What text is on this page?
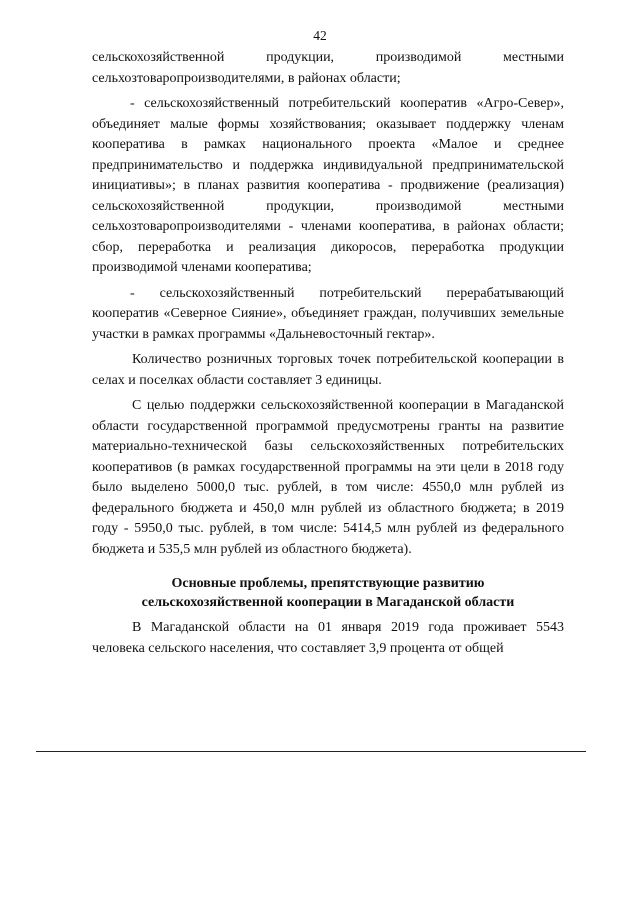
42

сельскохозяйственной продукции, производимой местными сельхозтоваропроизводителями, в районах области;

- сельскохозяйственный потребительский кооператив «Агро-Север», объединяет малые формы хозяйствования; оказывает поддержку членам кооператива в рамках национального проекта «Малое и среднее предпринимательство и поддержка индивидуальной предпринимательской инициативы»; в планах развития кооператива - продвижение (реализация) сельскохозяйственной продукции, производимой местными сельхозтоваропроизводителями - членами кооператива, в районах области; сбор, переработка и реализация дикоросов, переработка продукции производимой членами кооператива;

- сельскохозяйственный потребительский перерабатывающий кооператив «Северное Сияние», объединяет граждан, получивших земельные участки в рамках программы «Дальневосточный гектар».

Количество розничных торговых точек потребительской кооперации в селах и поселках области составляет 3 единицы.

С целью поддержки сельскохозяйственной кооперации в Магаданской области государственной программой предусмотрены гранты на развитие материально-технической базы сельскохозяйственных потребительских кооперативов (в рамках государственной программы на эти цели в 2018 году было выделено 5000,0 тыс. рублей, в том числе: 4550,0 млн рублей из федерального бюджета и 450,0 млн рублей из областного бюджета; в 2019 году - 5950,0 тыс. рублей, в том числе: 5414,5 млн рублей из федерального бюджета и 535,5 млн рублей из областного бюджета).

Основные проблемы, препятствующие развитию
сельскохозяйственной кооперации в Магаданской области

В Магаданской области на 01 января 2019 года проживает 5543 человека сельского населения, что составляет 3,9 процента от общей
